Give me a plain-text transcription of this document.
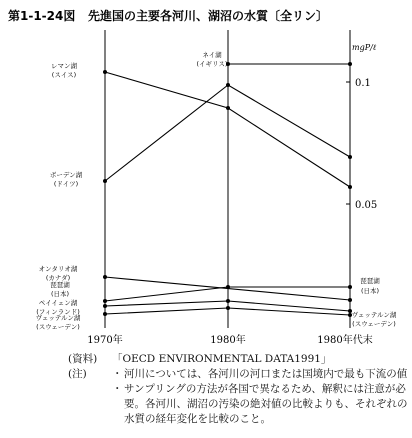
第1-1-24図 先進国の主要各河川、湖沼の水質〔全リン〕
mgP/ℓ
0.1
0.05
レマン湖
(スイス)
ネイ湖
(イギリス)
ボーデン湖
(ドイツ)
オンタリオ湖
(カナダ)
琵琶湖
(日本)
ペイイェン湖
(フィンランド)
ヴェッテルン湖
(スウェーデン)
琵琶湖
(日本)
ヴェッテルン湖
(スウェーデン)
1970年	1980年	1980年代末
(資料)	「OECD ENVIRONMENTAL DATA1991」
(注)	・ 河川については、各河川の河口または国境内で最も下流の値
・ サンプリングの方法が各国で異なるため、解釈には注意が必要。各河川、湖沼の汚染の絶対値の比較よりも、それぞれの水質の経年変化を比較のこと。
